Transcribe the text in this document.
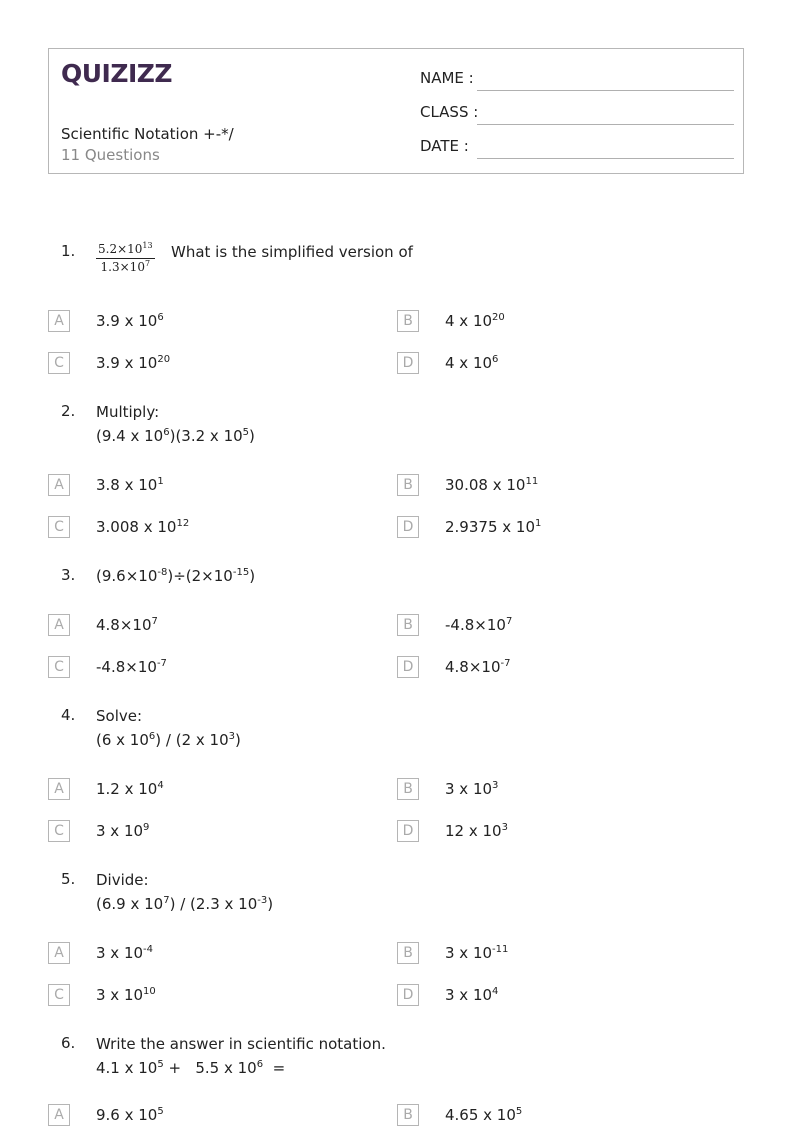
QUIZIZZ
Scientific Notation +-*/
11 Questions
NAME :
CLASS :
DATE :
1. $\frac{5.2\times 10^{13}}{1.3\times 10^7}$ What is the simplified version of
A	3.9 x $10^6$	B	4 x $10^{20}$
C	3.9 x $10^{20}$	D	4 x $10^6$
2. Multiply:
(9.4 x $10^6)(3.2$ x $10^5$)
A	3.8 x $10^1$	B	30.08 x $10^{11}$
C	3.008 x $10^{12}$	D	2.9375 x $10^1$
3. $(9.6\times 10^{-8})\div(2\times 10^{-15})$
A	$4.8\times 10^7$	B	$-4.8\times 10^7$
C	$-4.8\times 10^{-7}$	D	$4.8\times 10^{-7}$
4. Solve:
(6 x $10^6) / (2$ x $10^3$)
A	1.2 x $10^4$	B	3 x $10^3$
C	3 x $10^9$	D	12 x $10^3$
5. Divide:
(6.9 x $10^7) / (2.3$ x $10^{-3}$)
A	3 x $10^{-4}$	B	3 x $10^{-11}$
C	3 x $10^{10}$	D	3 x $10^4$
6. Write the answer in scientific notation.
4.1 x $10^5 + 5.5$ x $10^6$  =
A	9.6 x $10^5$	B	4.65 x $10^5$
